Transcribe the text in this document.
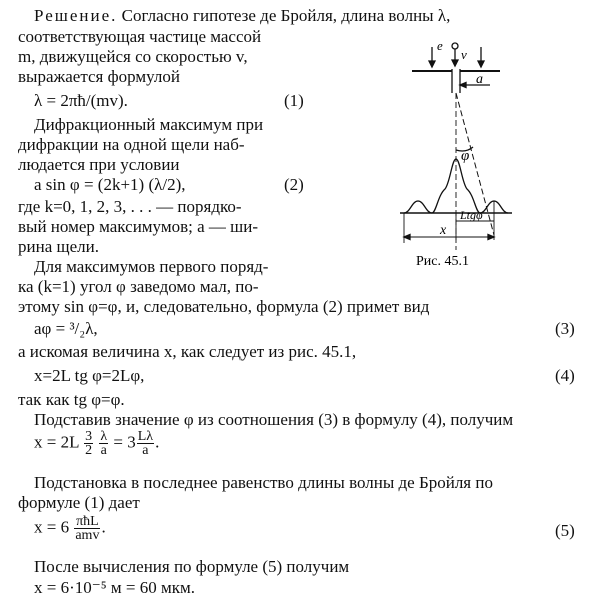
Решение. Согласно гипотезе де Бройля, длина волны λ,
соответствующая частице массой
m, движущейся со скоростью v,
выражается формулой
λ = 2πħ/(mv).	(1)
Дифракционный максимум при
дифракции на одной щели наб-
людается при условии
a sin φ = (2k+1) (λ/2),	(2)
где k=0, 1, 2, 3, . . . — порядко-
вый номер максимумов; a — ши-
рина щели.
Для максимумов первого поряд-
ка (k=1) угол φ заведомо мал, по-
этому sin φ=φ, и, следовательно, формула (2) примет вид
aφ = ³/₂λ,	(3)
а искомая величина x, как следует из рис. 45.1,
x=2L tg φ=2Lφ,	(4)
так как tg φ=φ.
Подставив значение φ из соотношения (3) в формулу (4), получим
$x = 2L \frac{3}{2}$
$\frac{\lambda}{a} = 3 \frac{L\lambda}{a}$ .
Подстановка в последнее равенство длины волны де Бройля по
формуле (1) дает
$x = 6 \frac{\text{πħL}}{\text{amv}}$ .	(5)
После вычисления по формуле (5) получим
x = 6·10⁻⁵ м = 60 мкм.
e
v
a
φ
Ltgφ
x
Рис. 45.1
